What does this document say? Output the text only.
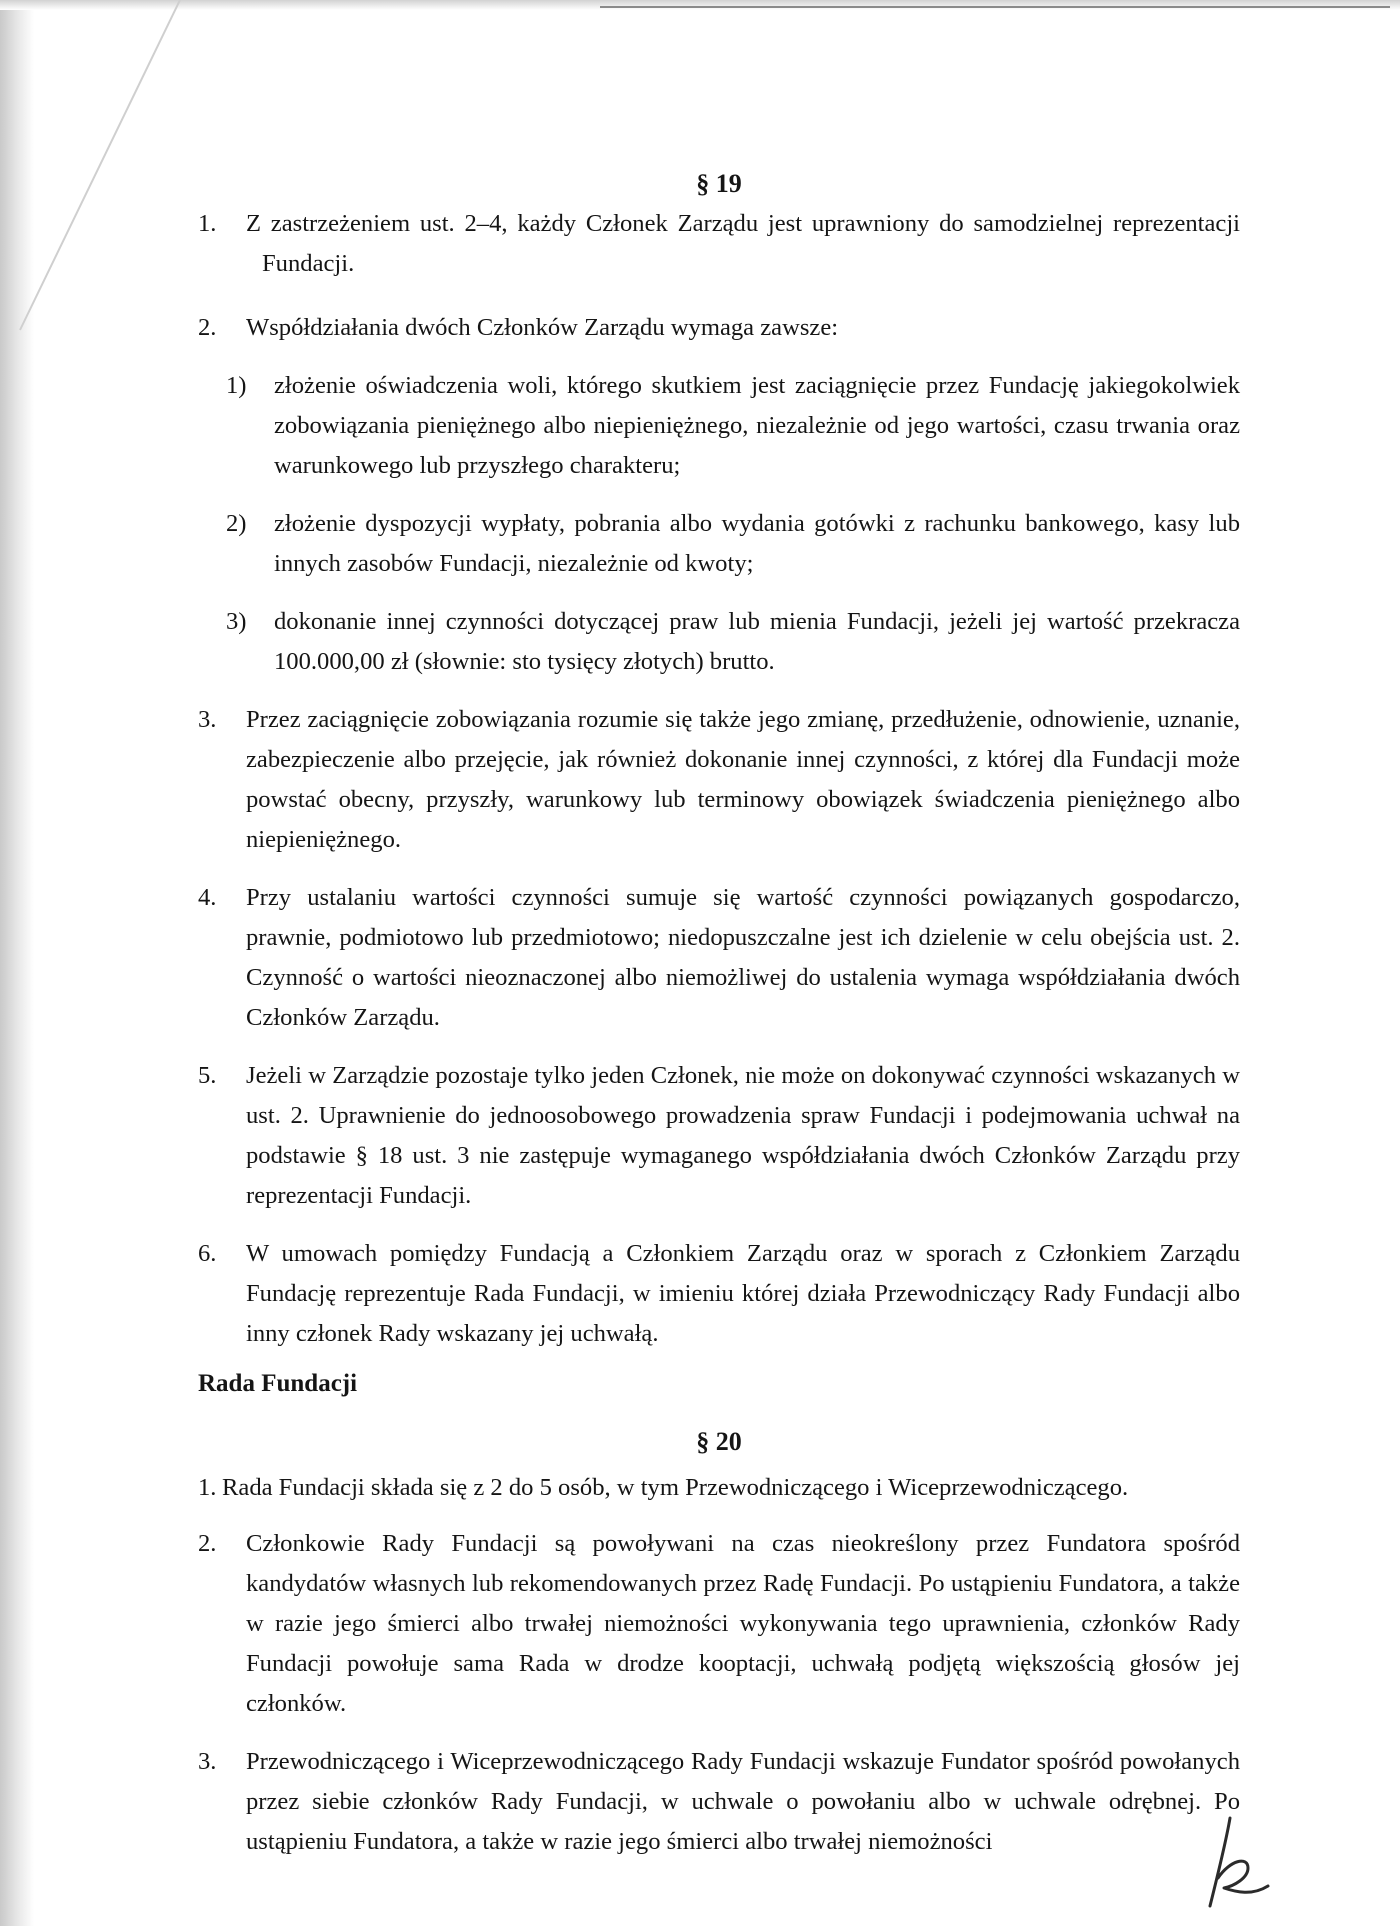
§ 19
1. Z zastrzeżeniem ust. 2–4, każdy Członek Zarządu jest uprawniony do samodzielnej reprezentacji Fundacji.
2. Współdziałania dwóch Członków Zarządu wymaga zawsze:
1) złożenie oświadczenia woli, którego skutkiem jest zaciągnięcie przez Fundację jakiegokolwiek zobowiązania pieniężnego albo niepieniężnego, niezależnie od jego wartości, czasu trwania oraz warunkowego lub przyszłego charakteru;
2) złożenie dyspozycji wypłaty, pobrania albo wydania gotówki z rachunku bankowego, kasy lub innych zasobów Fundacji, niezależnie od kwoty;
3) dokonanie innej czynności dotyczącej praw lub mienia Fundacji, jeżeli jej wartość przekracza 100.000,00 zł (słownie: sto tysięcy złotych) brutto.
3. Przez zaciągnięcie zobowiązania rozumie się także jego zmianę, przedłużenie, odnowienie, uznanie, zabezpieczenie albo przejęcie, jak również dokonanie innej czynności, z której dla Fundacji może powstać obecny, przyszły, warunkowy lub terminowy obowiązek świadczenia pieniężnego albo niepieniężnego.
4. Przy ustalaniu wartości czynności sumuje się wartość czynności powiązanych gospodarczo, prawnie, podmiotowo lub przedmiotowo; niedopuszczalne jest ich dzielenie w celu obejścia ust. 2. Czynność o wartości nieoznaczonej albo niemożliwej do ustalenia wymaga współdziałania dwóch Członków Zarządu.
5. Jeżeli w Zarządzie pozostaje tylko jeden Członek, nie może on dokonywać czynności wskazanych w ust. 2. Uprawnienie do jednoosobowego prowadzenia spraw Fundacji i podejmowania uchwał na podstawie § 18 ust. 3 nie zastępuje wymaganego współdziałania dwóch Członków Zarządu przy reprezentacji Fundacji.
6. W umowach pomiędzy Fundacją a Członkiem Zarządu oraz w sporach z Członkiem Zarządu Fundację reprezentuje Rada Fundacji, w imieniu której działa Przewodniczący Rady Fundacji albo inny członek Rady wskazany jej uchwałą.
Rada Fundacji
§ 20
1. Rada Fundacji składa się z 2 do 5 osób, w tym Przewodniczącego i Wiceprzewodniczącego.
2. Członkowie Rady Fundacji są powoływani na czas nieokreślony przez Fundatora spośród kandydatów własnych lub rekomendowanych przez Radę Fundacji. Po ustąpieniu Fundatora, a także w razie jego śmierci albo trwałej niemożności wykonywania tego uprawnienia, członków Rady Fundacji powołuje sama Rada w drodze kooptacji, uchwałą podjętą większością głosów jej członków.
3. Przewodniczącego i Wiceprzewodniczącego Rady Fundacji wskazuje Fundator spośród powołanych przez siebie członków Rady Fundacji, w uchwale o powołaniu albo w uchwale odrębnej. Po ustąpieniu Fundatora, a także w razie jego śmierci albo trwałej niemożności
